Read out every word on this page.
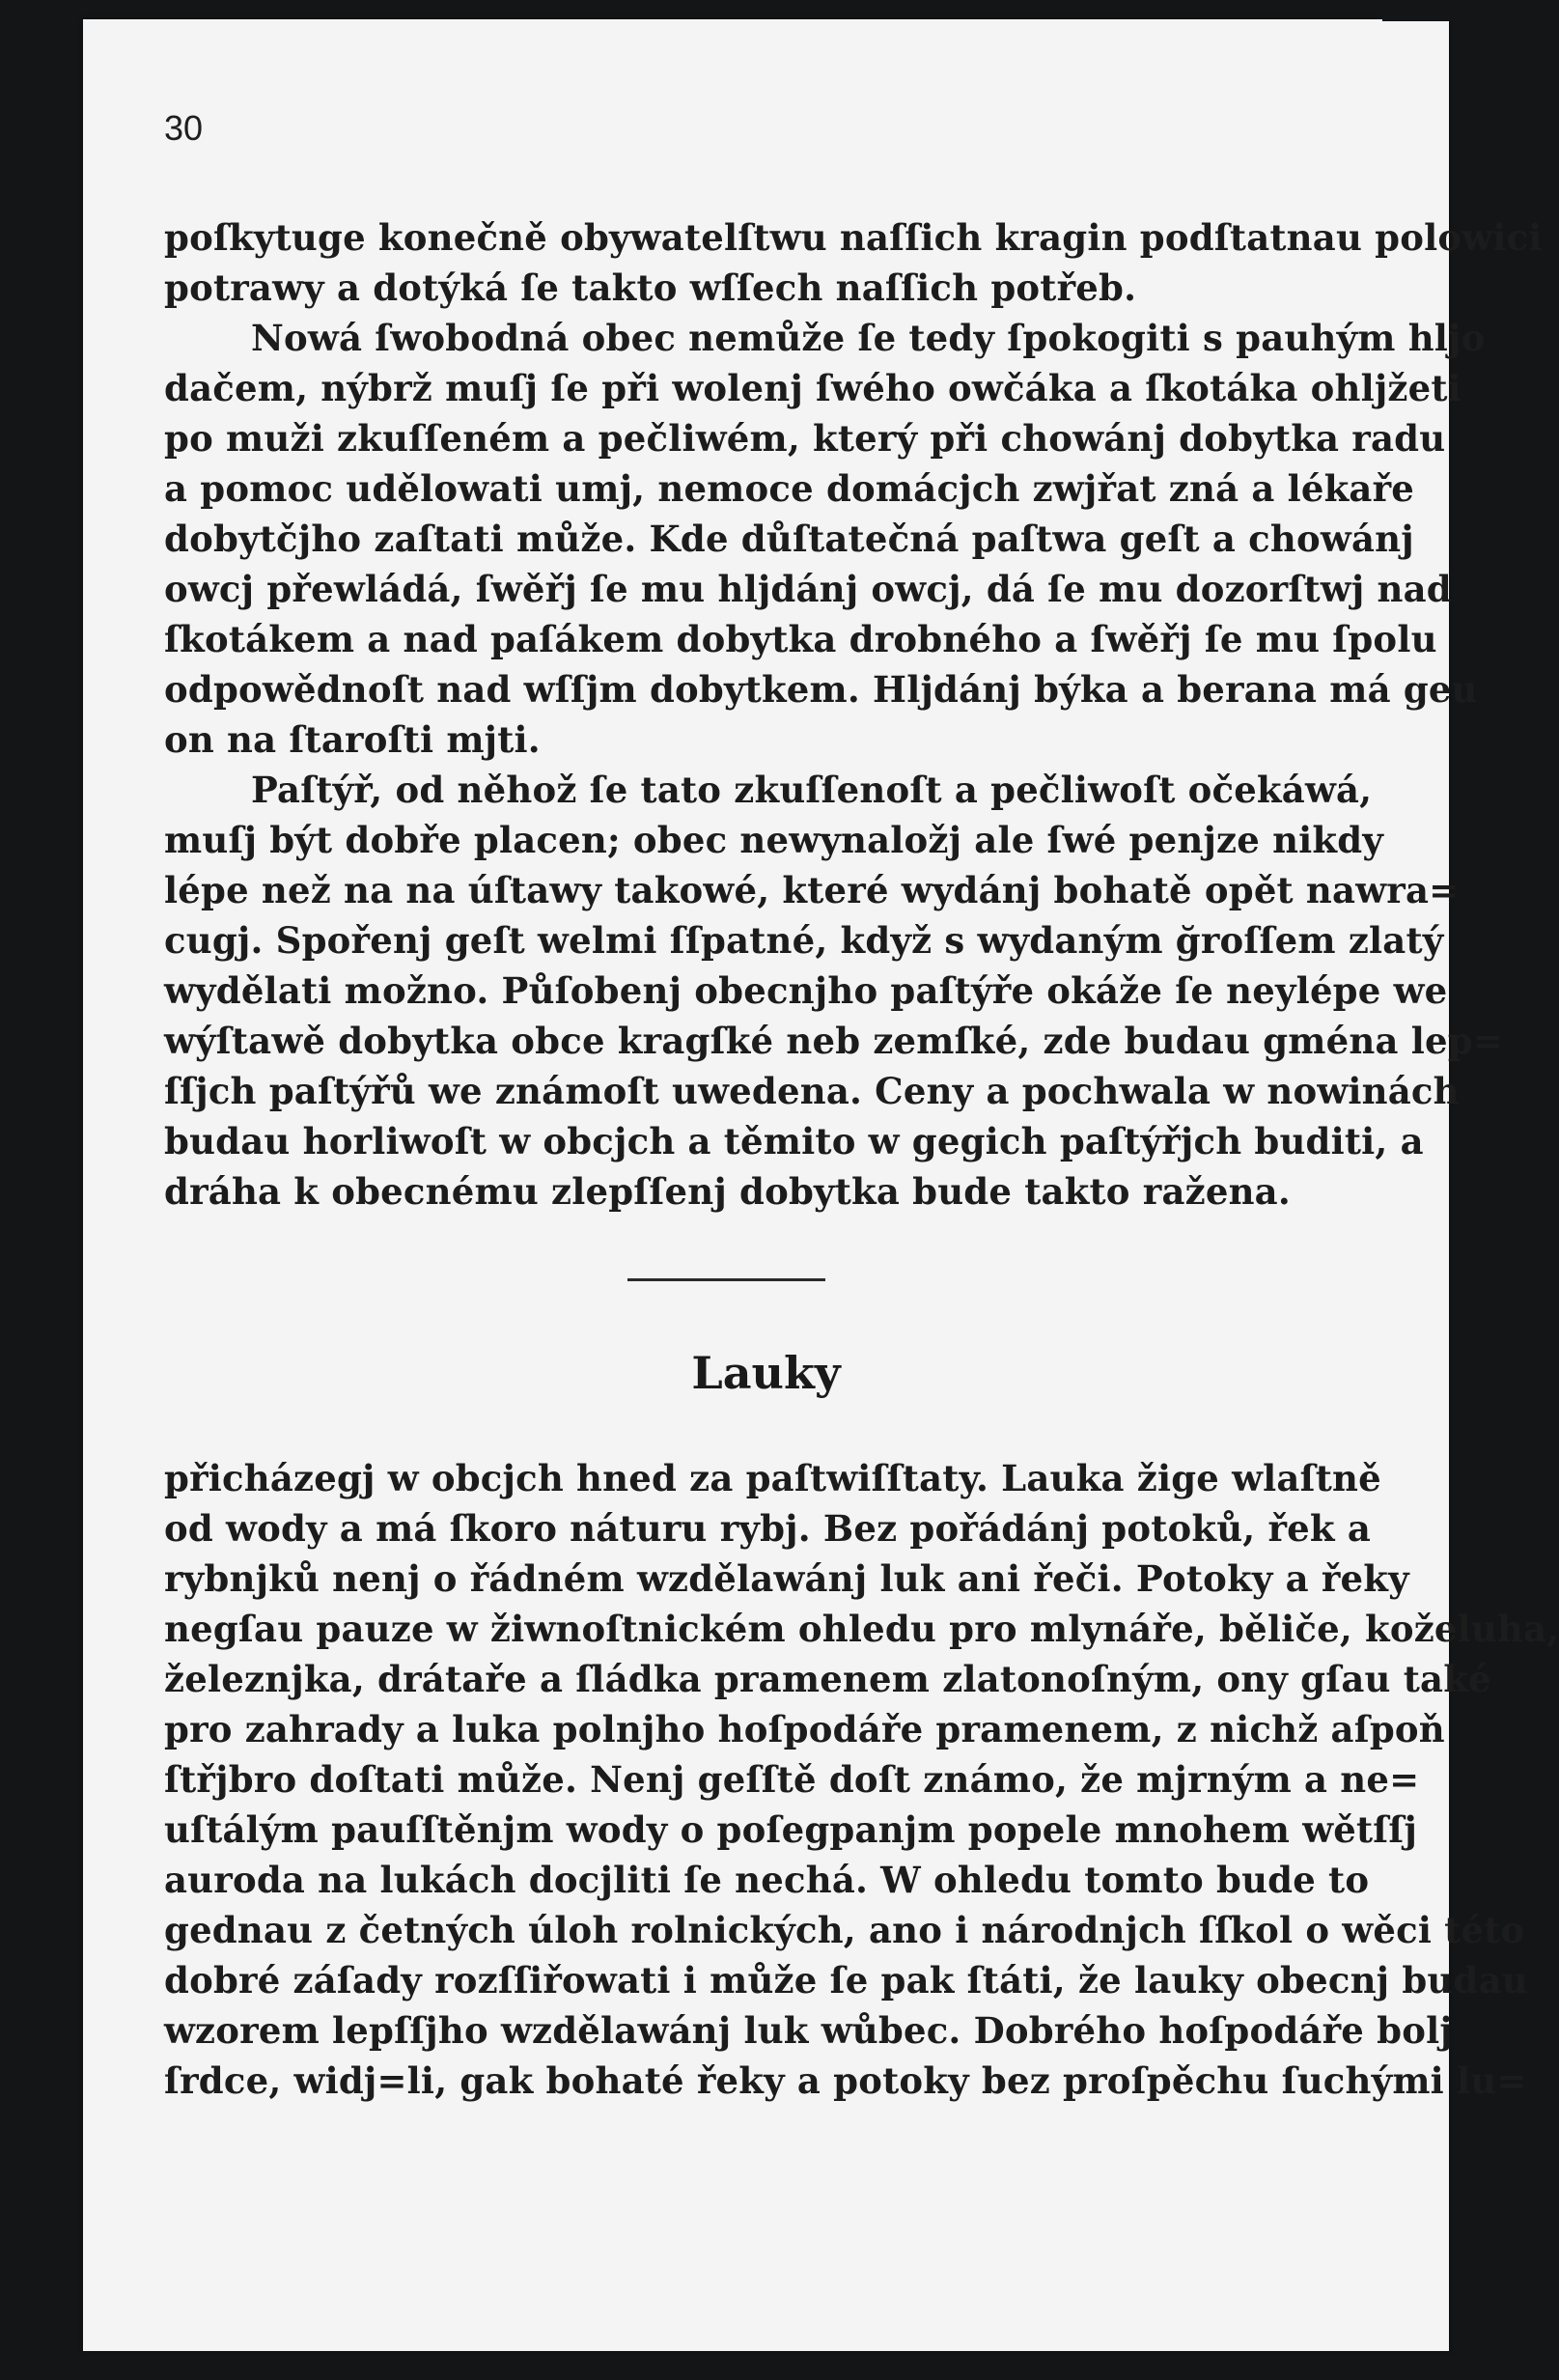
30
poſkytuge konečně obywatelſtwu naſſich kragin podſtatnau polowici
potrawy a dotýká ſe takto wſſech naſſich potřeb.
Nowá ſwobodná obec nemůže ſe tedy ſpokogiti s pauhým hljo
dačem, nýbrž muſj ſe při wolenj ſwého owčáka a ſkotáka ohljžeti
po muži zkuſſeném a pečliwém, který při chowánj dobytka radu
a pomoc udělowati umj, nemoce domácjch zwjřat zná a lékaře
dobytčjho zaſtati může. Kde důſtatečná paſtwa geſt a chowánj
owcj přewládá, ſwěřj ſe mu hljdánj owcj, dá ſe mu dozorſtwj nad
ſkotákem a nad paſákem dobytka drobného a ſwěřj ſe mu ſpolu
odpowědnoſt nad wſſjm dobytkem. Hljdánj býka a berana má geu
on na ſtaroſti mjti.
Paſtýř, od něhož ſe tato zkuſſenoſt a pečliwoſt očekáwá,
muſj být dobře placen; obec newynaložj ale ſwé penjze nikdy
lépe než na na úſtawy takowé, které wydánj bohatě opět nawra=
cugj. Spořenj geſt welmi ſſpatné, když s wydaným ğroſſem zlatý
wydělati možno. Půſobenj obecnjho paſtýře okáže ſe neylépe we
wýſtawě dobytka obce kragſké neb zemſké, zde budau gména lep=
ſſjch paſtýřů we známoſt uwedena. Ceny a pochwala w nowinách
budau horliwoſt w obcjch a těmito w gegich paſtýřjch buditi, a
dráha k obecnému zlepſſenj dobytka bude takto ražena.
Lauky
přicházegj w obcjch hned za paſtwiſſtaty. Lauka žige wlaſtně
od wody a má ſkoro náturu rybj. Bez pořádánj potoků, řek a
rybnjků nenj o řádném wzdělawánj luk ani řeči. Potoky a řeky
negſau pauze w žiwnoſtnickém ohledu pro mlynáře, běliče, koželuha,
železnjka, drátaře a ſládka pramenem zlatonoſným, ony gſau také
pro zahrady a luka polnjho hoſpodáře pramenem, z nichž aſpoň
ſtřjbro doſtati může. Nenj geſſtě doſt známo, že mjrným a ne=
uſtálým pauſſtěnjm wody o poſegpanjm popele mnohem wětſſj
auroda na lukách docjliti ſe nechá. W ohledu tomto bude to
gednau z četných úloh rolnických, ano i národnjch ſſkol o wěci této
dobré záſady rozſſiřowati i může ſe pak ſtáti, že lauky obecnj budau
wzorem lepſſjho wzdělawánj luk wůbec. Dobrého hoſpodáře bolj
ſrdce, widj=li, gak bohaté řeky a potoky bez proſpěchu ſuchými lu=
